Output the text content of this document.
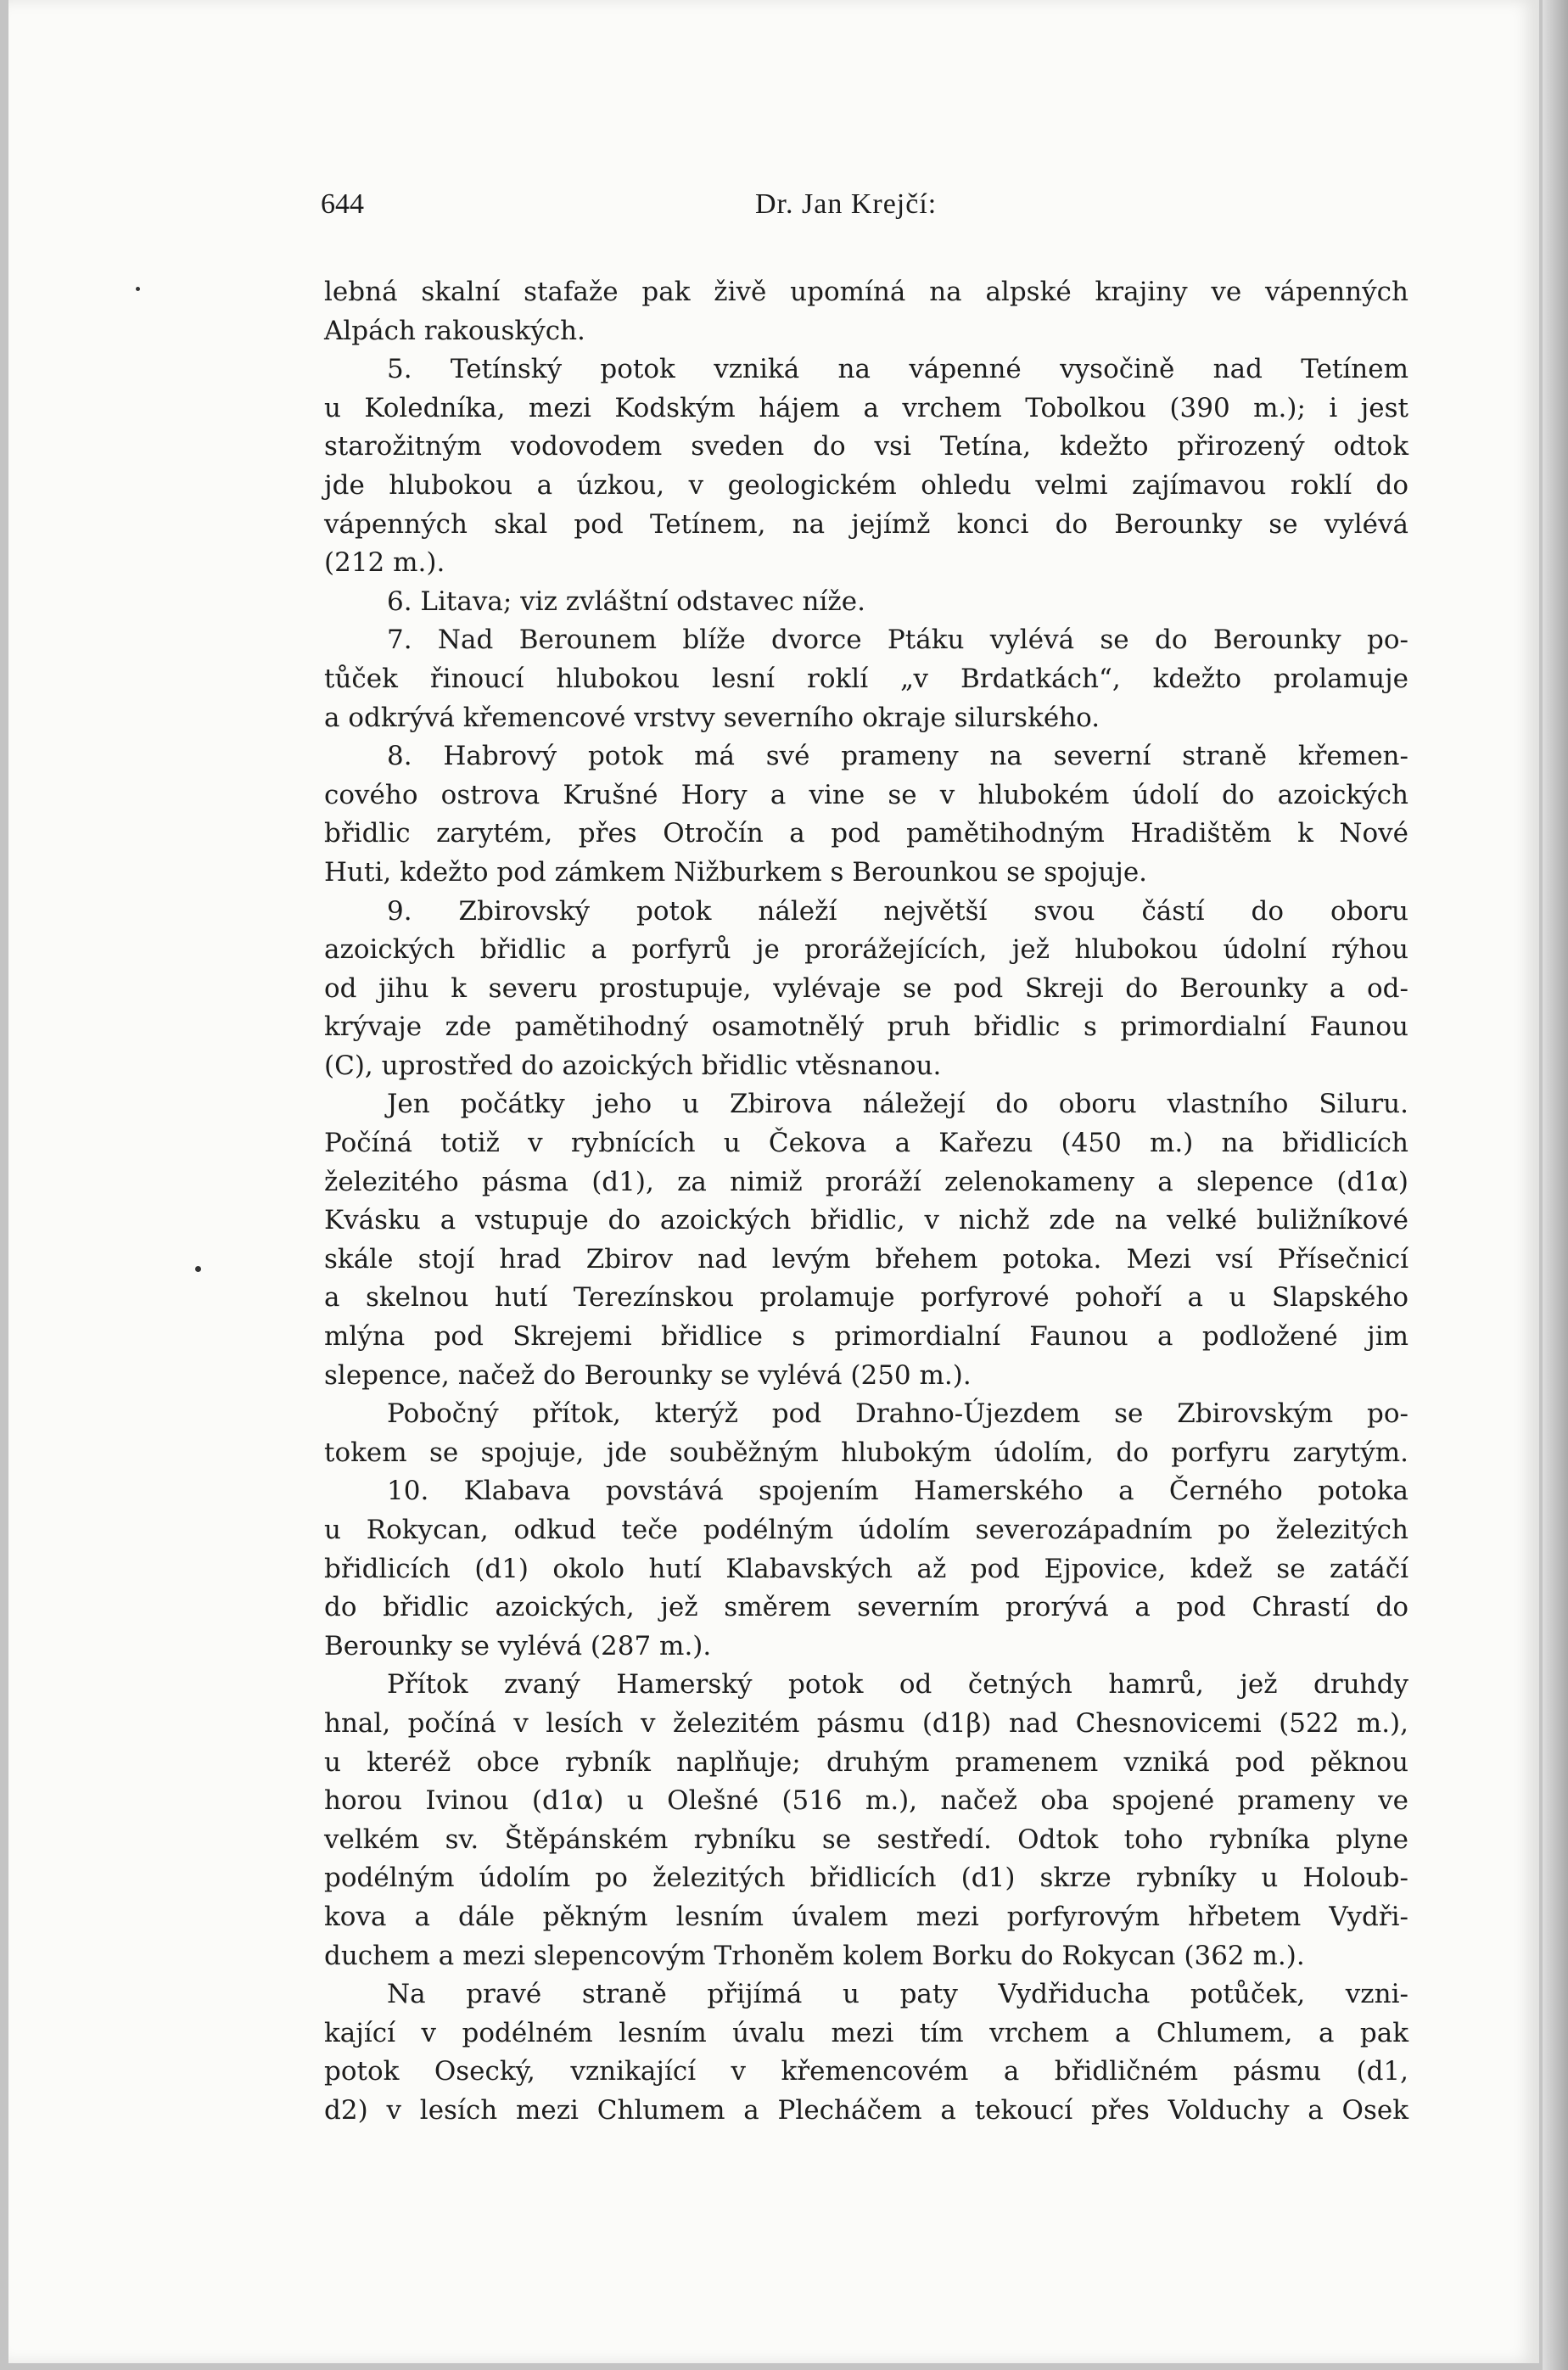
644	Dr. Jan Krejčí:
lebná skalní stafaže pak živě upomíná na alpské krajiny ve vápenných
Alpách rakouských.
5. Tetínský potok vzniká na vápenné vysočině nad Tetínem
u Koledníka, mezi Kodským hájem a vrchem Tobolkou (390 m.); i jest
starožitným vodovodem sveden do vsi Tetína, kdežto přirozený odtok
jde hlubokou a úzkou, v geologickém ohledu velmi zajímavou roklí do
vápenných skal pod Tetínem, na jejímž konci do Berounky se vylévá
(212 m.).
6. Litava; viz zvláštní odstavec níže.
7. Nad Berounem blíže dvorce Ptáku vylévá se do Berounky po-
tůček řinoucí hlubokou lesní roklí „v Brdatkách“, kdežto prolamuje
a odkrývá křemencové vrstvy severního okraje silurského.
8. Habrový potok má své prameny na severní straně křemen-
cového ostrova Krušné Hory a vine se v hlubokém údolí do azoických
břidlic zarytém, přes Otročín a pod pamětihodným Hradištěm k Nové
Huti, kdežto pod zámkem Nižburkem s Berounkou se spojuje.
9. Zbirovský potok náleží největší svou částí do oboru
azoických břidlic a porfyrů je prorážejících, jež hlubokou údolní rýhou
od jihu k severu prostupuje, vylévaje se pod Skreji do Berounky a od-
krývaje zde pamětihodný osamotnělý pruh břidlic s primordialní Faunou
(C), uprostřed do azoických břidlic vtěsnanou.
Jen počátky jeho u Zbirova náležejí do oboru vlastního Siluru.
Počíná totiž v rybnících u Čekova a Kařezu (450 m.) na břidlicích
železitého pásma (d1), za nimiž proráží zelenokameny a slepence (d1α)
Kvásku a vstupuje do azoických břidlic, v nichž zde na velké buližníkové
skále stojí hrad Zbirov nad levým břehem potoka. Mezi vsí Přísečnicí
a skelnou hutí Terezínskou prolamuje porfyrové pohoří a u Slapského
mlýna pod Skrejemi břidlice s primordialní Faunou a podložené jim
slepence, načež do Berounky se vylévá (250 m.).
Pobočný přítok, kterýž pod Drahno-Újezdem se Zbirovským po-
tokem se spojuje, jde souběžným hlubokým údolím, do porfyru zarytým.
10. Klabava povstává spojením Hamerského a Černého potoka
u Rokycan, odkud teče podélným údolím severozápadním po železitých
břidlicích (d1) okolo hutí Klabavských až pod Ejpovice, kdež se zatáčí
do břidlic azoických, jež směrem severním prorývá a pod Chrastí do
Berounky se vylévá (287 m.).
Přítok zvaný Hamerský potok od četných hamrů, jež druhdy
hnal, počíná v lesích v železitém pásmu (d1β) nad Chesnovicemi (522 m.),
u kteréž obce rybník naplňuje; druhým pramenem vzniká pod pěknou
horou Ivinou (d1α) u Olešné (516 m.), načež oba spojené prameny ve
velkém sv. Štěpánském rybníku se sestředí. Odtok toho rybníka plyne
podélným údolím po železitých břidlicích (d1) skrze rybníky u Holoub-
kova a dále pěkným lesním úvalem mezi porfyrovým hřbetem Vydři-
duchem a mezi slepencovým Trhoněm kolem Borku do Rokycan (362 m.).
Na pravé straně přijímá u paty Vydřiducha potůček, vzni-
kající v podélném lesním úvalu mezi tím vrchem a Chlumem, a pak
potok Osecký, vznikající v křemencovém a břidličném pásmu (d1,
d2) v lesích mezi Chlumem a Plecháčem a tekoucí přes Volduchy a Osek
